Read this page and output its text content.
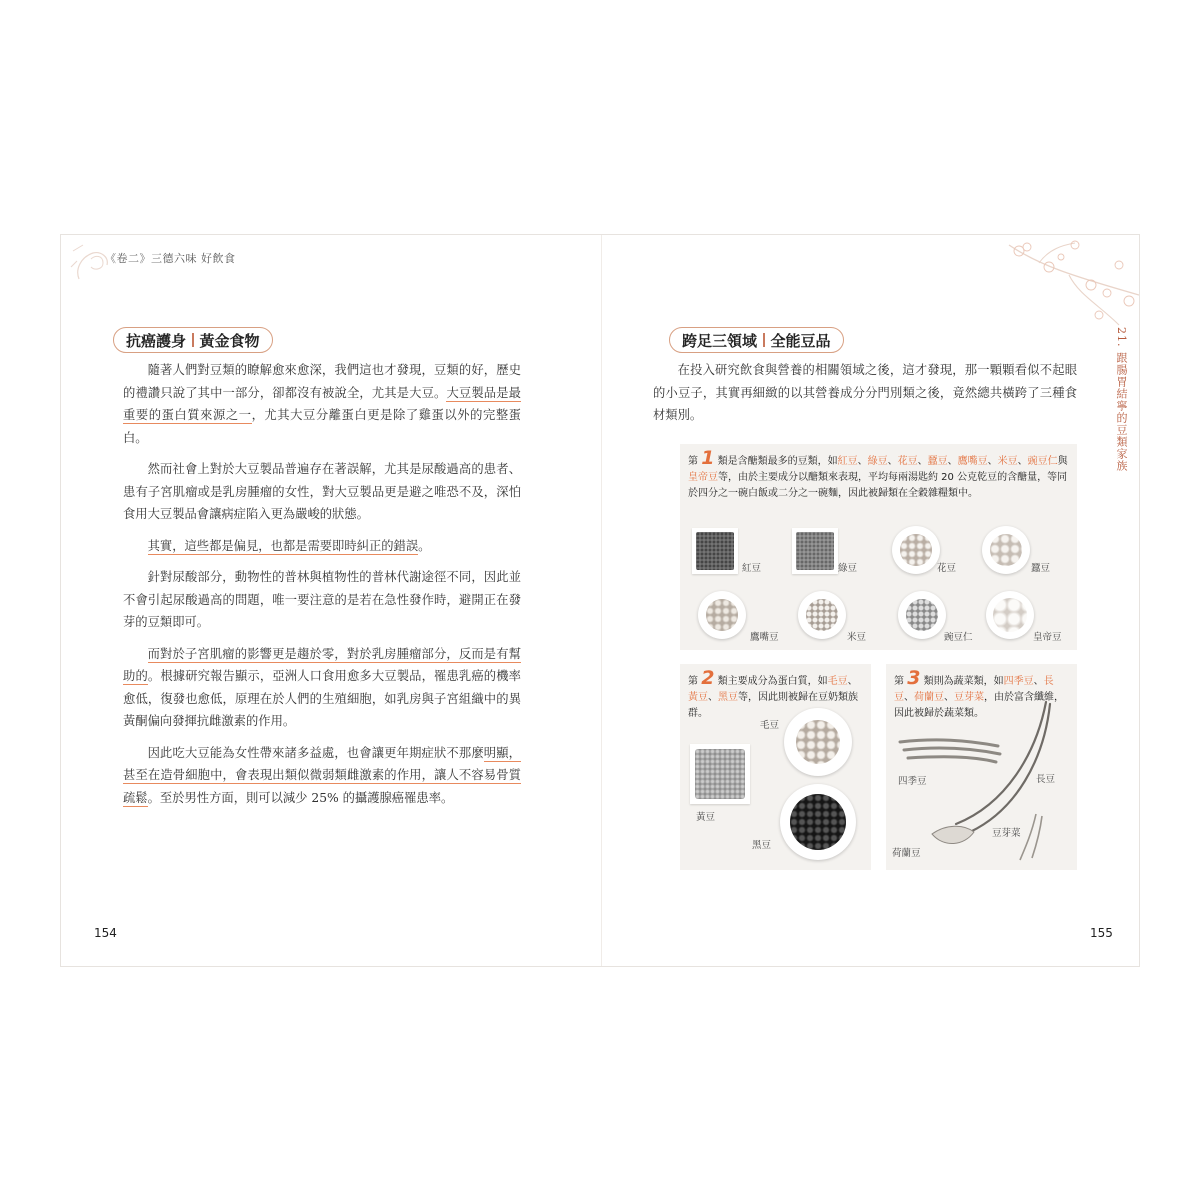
《卷二》三德六味 好飲食
21. 跟腸胃結寧的豆類家族
抗癌護身 黃金食物

隨著人們對豆類的瞭解愈來愈深，我們這也才發現，豆類的好，歷史的禮讚只說了其中一部分，卻都沒有被說全，尤其是大豆。大豆製品是最重要的蛋白質來源之一，尤其大豆分離蛋白更是除了雞蛋以外的完整蛋白。

然而社會上對於大豆製品普遍存在著誤解，尤其是尿酸過高的患者、患有子宮肌瘤或是乳房腫瘤的女性，對大豆製品更是避之唯恐不及，深怕食用大豆製品會讓病症陷入更為嚴峻的狀態。

其實，這些都是偏見，也都是需要即時糾正的錯誤。

針對尿酸部分，動物性的普林與植物性的普林代謝途徑不同，因此並不會引起尿酸過高的問題，唯一要注意的是若在急性發作時，避開正在發芽的豆類即可。

而對於子宮肌瘤的影響更是趨於零，對於乳房腫瘤部分，反而是有幫助的。根據研究報告顯示，亞洲人口食用愈多大豆製品，罹患乳癌的機率愈低，復發也愈低，原理在於人們的生殖細胞，如乳房與子宮組織中的異黃酮偏向發揮抗雌激素的作用。

因此吃大豆能為女性帶來諸多益處，也會讓更年期症狀不那麼明顯，甚至在造骨細胞中，會表現出類似微弱類雌激素的作用，讓人不容易骨質疏鬆。至於男性方面，則可以減少 25% 的攝護腺癌罹患率。

154
跨足三領域 全能豆品

在投入研究飲食與營養的相關領域之後，這才發現，那一顆顆看似不起眼的小豆子，其實再細緻的以其營養成分分門別類之後，竟然總共橫跨了三種食材類別。

第 1 類是含醣類最多的豆類，如紅豆、綠豆、花豆、蠶豆、鷹嘴豆、米豆、豌豆仁與皇帝豆等，由於主要成分以醣類來表現，平均每兩湯匙約 20 公克乾豆的含醣量，等同於四分之一碗白飯或二分之一碗麵，因此被歸類在全穀雜糧類中。
紅豆	綠豆	花豆	蠶豆
鷹嘴豆	米豆	豌豆仁	皇帝豆
第 2 類主要成分為蛋白質，如毛豆、黃豆、黑豆等，因此則被歸在豆奶類族群。
毛豆
黃豆
黑豆
第 3 類則為蔬菜類，如四季豆、長豆、荷蘭豆、豆芽菜，由於富含纖維，因此被歸於蔬菜類。
四季豆	長豆
豆芽菜
荷蘭豆
155
